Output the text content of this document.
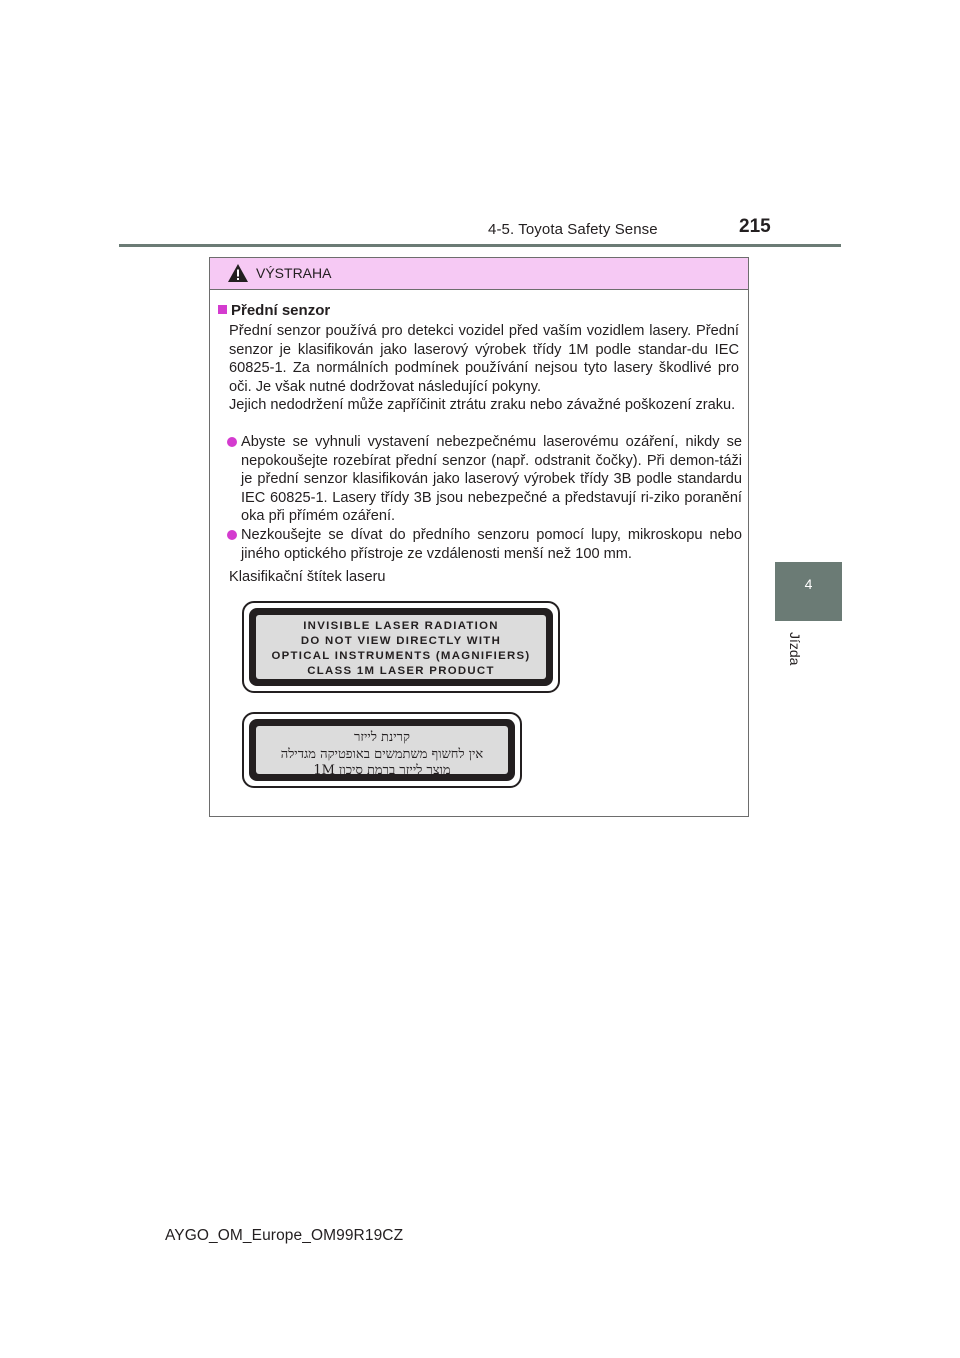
4-5. Toyota Safety Sense	215
4
Jízda
VÝSTRAHA
Přední senzor
Přední senzor používá pro detekci vozidel před vaším vozidlem lasery. Přední senzor je klasifikován jako laserový výrobek třídy 1M podle standar-du IEC 60825-1. Za normálních podmínek používání nejsou tyto lasery škodlivé pro oči. Je však nutné dodržovat následující pokyny.
Jejich nedodržení může zapříčinit ztrátu zraku nebo závažné poškození zraku.
Abyste se vyhnuli vystavení nebezpečnému laserovému ozáření, nikdy se nepokoušejte rozebírat přední senzor (např. odstranit čočky). Při demon-táži je přední senzor klasifikován jako laserový výrobek třídy 3B podle standardu IEC 60825-1. Lasery třídy 3B jsou nebezpečné a představují ri-ziko poranění oka při přímém ozáření.
Nezkoušejte se dívat do předního senzoru pomocí lupy, mikroskopu nebo jiného optického přístroje ze vzdálenosti menší než 100 mm.
Klasifikační štítek laseru
INVISIBLE LASER RADIATION
DO NOT VIEW DIRECTLY WITH
OPTICAL INSTRUMENTS (MAGNIFIERS)
CLASS 1M LASER PRODUCT
קרינת לייזר
אין לחשוף משתמשים באופטיקה מגדילה
מוצר לייזר ברמת סיכון 1M
AYGO_OM_Europe_OM99R19CZ
